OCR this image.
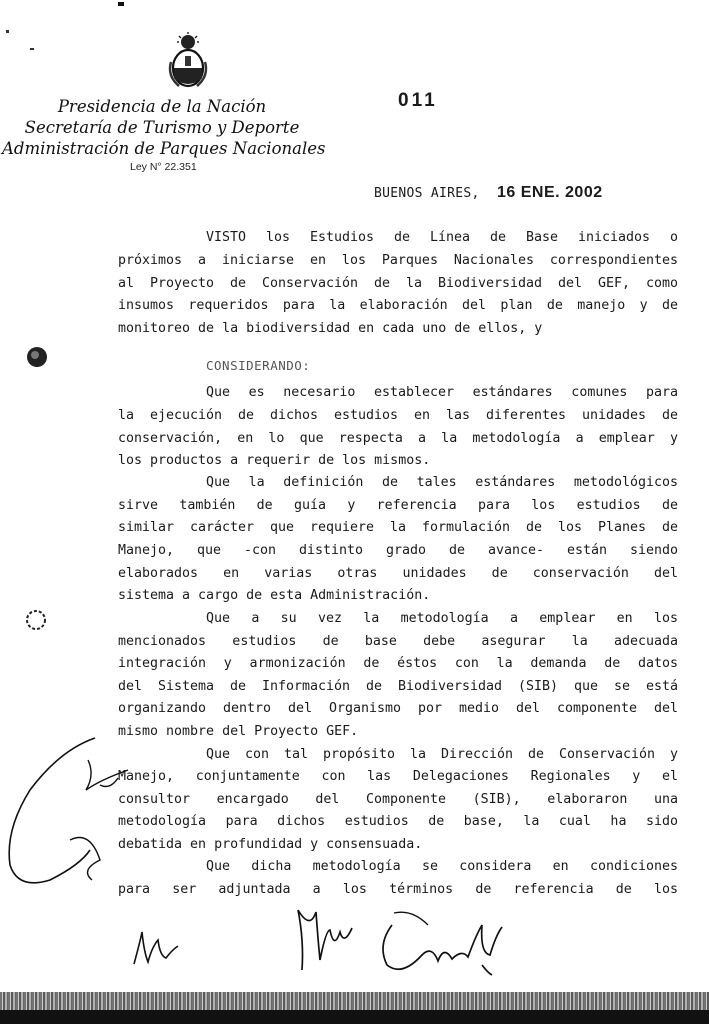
Presidencia de la Nación
Secretaría de Turismo y Deporte
Administración de Parques Nacionales
Ley N° 22.351
011
BUENOS AIRES, 16 ENE. 2002
VISTO los Estudios de Línea de Base iniciados o
próximos a iniciarse en los Parques Nacionales correspondientes
al Proyecto de Conservación de la Biodiversidad del GEF, como
insumos requeridos para la elaboración del plan de manejo y de
monitoreo de la biodiversidad en cada uno de ellos, y
CONSIDERANDO:
Que es necesario establecer estándares comunes para
la ejecución de dichos estudios en las diferentes unidades de
conservación, en lo que respecta a la metodología a emplear y
los productos a requerir de los mismos.
Que la definición de tales estándares metodológicos
sirve también de guía y referencia para los estudios de
similar carácter que requiere la formulación de los Planes de
Manejo, que -con distinto grado de avance- están siendo
elaborados en varias otras unidades de conservación del
sistema a cargo de esta Administración.
Que a su vez la metodología a emplear en los
mencionados estudios de base debe asegurar la adecuada
integración y armonización de éstos con la demanda de datos
del Sistema de Información de Biodiversidad (SIB) que se está
organizando dentro del Organismo por medio del componente del
mismo nombre del Proyecto GEF.
Que con tal propósito la Dirección de Conservación y
Manejo, conjuntamente con las Delegaciones Regionales y el
consultor encargado del Componente (SIB), elaboraron una
metodología para dichos estudios de base, la cual ha sido
debatida en profundidad y consensuada.
Que dicha metodología se considera en condiciones
para ser adjuntada a los términos de referencia de los
